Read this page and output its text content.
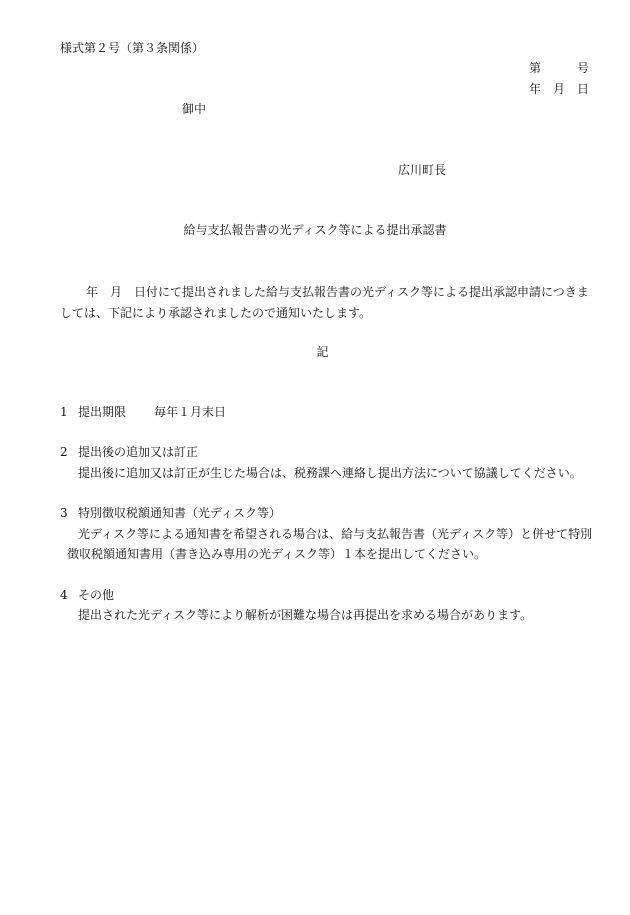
様式第２号（第３条関係）

第	号

年 月 日

御中

広川町長

給与支払報告書の光ディスク等による提出承認書

年　月　日付にて提出されました給与支払報告書の光ディスク等による提出承認申請につきましては、下記により承認されましたので通知いたします。

記

1 提出期限 毎年１月末日

2 提出後の追加又は訂正

提出後に追加又は訂正が生じた場合は、税務課へ連絡し提出方法について協議してください。

3 特別徴収税額通知書（光ディスク等）

光ディスク等による通知書を希望される場合は、給与支払報告書（光ディスク等）と併せて特別

徴収税額通知書用（書き込み専用の光ディスク等）１本を提出してください。

4 その他

提出された光ディスク等により解析が困難な場合は再提出を求める場合があります。
